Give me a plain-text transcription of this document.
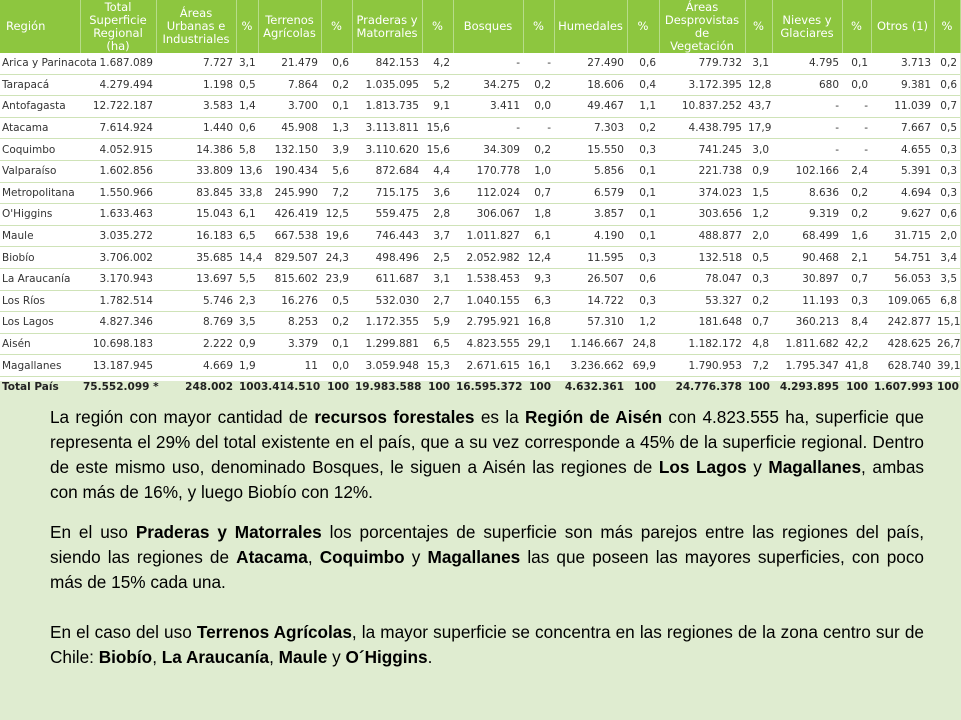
Región	Total Superficie Regional (ha)	Áreas Urbanas e Industriales	%	Terrenos Agrícolas	%	Praderas y Matorrales	%	Bosques	%	Humedales	%	Áreas Desprovistas de Vegetación	%	Nieves y Glaciares	%	Otros (1)	%
Arica y Parinacota	1.687.089	7.727	3,1	21.479	0,6	842.153	4,2	-	-	27.490	0,6	779.732	3,1	4.795	0,1	3.713	0,2
Tarapacá	4.279.494	1.198	0,5	7.864	0,2	1.035.095	5,2	34.275	0,2	18.606	0,4	3.172.395	12,8	680	0,0	9.381	0,6
Antofagasta	12.722.187	3.583	1,4	3.700	0,1	1.813.735	9,1	3.411	0,0	49.467	1,1	10.837.252	43,7	-	-	11.039	0,7
Atacama	7.614.924	1.440	0,6	45.908	1,3	3.113.811	15,6	-	-	7.303	0,2	4.438.795	17,9	-	-	7.667	0,5
Coquimbo	4.052.915	14.386	5,8	132.150	3,9	3.110.620	15,6	34.309	0,2	15.550	0,3	741.245	3,0	-	-	4.655	0,3
Valparaíso	1.602.856	33.809	13,6	190.434	5,6	872.684	4,4	170.778	1,0	5.856	0,1	221.738	0,9	102.166	2,4	5.391	0,3
Metropolitana	1.550.966	83.845	33,8	245.990	7,2	715.175	3,6	112.024	0,7	6.579	0,1	374.023	1,5	8.636	0,2	4.694	0,3
O'Higgins	1.633.463	15.043	6,1	426.419	12,5	559.475	2,8	306.067	1,8	3.857	0,1	303.656	1,2	9.319	0,2	9.627	0,6
Maule	3.035.272	16.183	6,5	667.538	19,6	746.443	3,7	1.011.827	6,1	4.190	0,1	488.877	2,0	68.499	1,6	31.715	2,0
Biobío	3.706.002	35.685	14,4	829.507	24,3	498.496	2,5	2.052.982	12,4	11.595	0,3	132.518	0,5	90.468	2,1	54.751	3,4
La Araucanía	3.170.943	13.697	5,5	815.602	23,9	611.687	3,1	1.538.453	9,3	26.507	0,6	78.047	0,3	30.897	0,7	56.053	3,5
Los Ríos	1.782.514	5.746	2,3	16.276	0,5	532.030	2,7	1.040.155	6,3	14.722	0,3	53.327	0,2	11.193	0,3	109.065	6,8
Los Lagos	4.827.346	8.769	3,5	8.253	0,2	1.172.355	5,9	2.795.921	16,8	57.310	1,2	181.648	0,7	360.213	8,4	242.877	15,1
Aisén	10.698.183	2.222	0,9	3.379	0,1	1.299.881	6,5	4.823.555	29,1	1.146.667	24,8	1.182.172	4,8	1.811.682	42,2	428.625	26,7
Magallanes	13.187.945	4.669	1,9	11	0,0	3.059.948	15,3	2.671.615	16,1	3.236.662	69,9	1.790.953	7,2	1.795.347	41,8	628.740	39,1
Total País	75.552.099 *	248.002	100	3.414.510	100	19.983.588	100	16.595.372	100	4.632.361	100	24.776.378	100	4.293.895	100	1.607.993	100

La región con mayor cantidad de recursos forestales es la Región de Aisén con 4.823.555 ha, superficie que representa el 29% del total existente en el país, que a su vez corresponde a 45% de la superficie regional. Dentro de este mismo uso, denominado Bosques, le siguen a Aisén las regiones de Los Lagos y Magallanes, ambas con más de 16%, y luego Biobío con 12%.

En el uso Praderas y Matorrales los porcentajes de superficie son más parejos entre las regiones del país, siendo las regiones de Atacama, Coquimbo y Magallanes las que poseen las mayores superficies, con poco más de 15% cada una.

En el caso del uso Terrenos Agrícolas, la mayor superficie se concentra en las regiones de la zona centro sur de Chile: Biobío, La Araucanía, Maule y O´Higgins.
